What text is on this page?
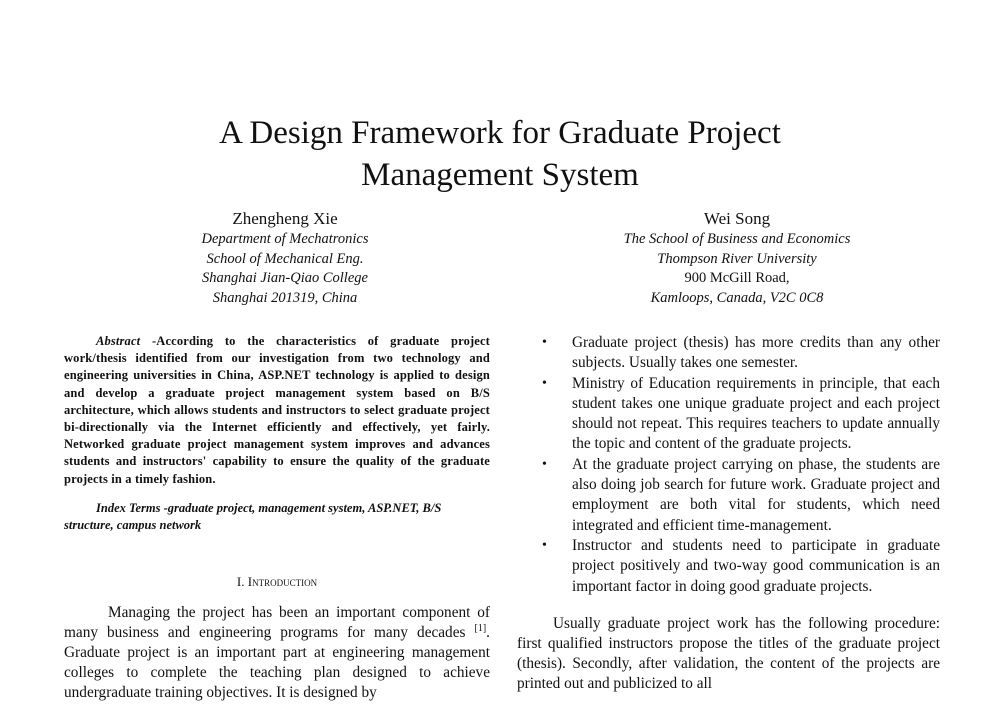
A Design Framework for Graduate Project
Management System
Zhengheng Xie
Department of Mechatronics
School of Mechanical Eng.
Shanghai Jian-Qiao College
Shanghai 201319, China
Wei Song
The School of Business and Economics
Thompson River University
900 McGill Road,
Kamloops, Canada, V2C 0C8

Abstract -According to the characteristics of graduate project work/thesis identified from our investigation from two technology and engineering universities in China, ASP.NET technology is applied to design and develop a graduate project management system based on B/S architecture, which allows students and instructors to select graduate project bi-directionally via the Internet efficiently and effectively, yet fairly. Networked graduate project management system improves and advances students and instructors' capability to ensure the quality of the graduate projects in a timely fashion.

Index Terms -graduate project, management system, ASP.NET, B/S structure, campus network

I. Introduction

Managing the project has been an important component of many business and engineering programs for many decades [1]. Graduate project is an important part at engineering management colleges to complete the teaching plan designed to achieve undergraduate training objectives. It is designed by

• Graduate project (thesis) has more credits than any other subjects. Usually takes one semester.
• Ministry of Education requirements in principle, that each student takes one unique graduate project and each project should not repeat. This requires teachers to update annually the topic and content of the graduate projects.
• At the graduate project carrying on phase, the students are also doing job search for future work. Graduate project and employment are both vital for students, which need integrated and efficient time-management.
• Instructor and students need to participate in graduate project positively and two-way good communication is an important factor in doing good graduate projects.

Usually graduate project work has the following procedure: first qualified instructors propose the titles of the graduate project (thesis). Secondly, after validation, the content of the projects are printed out and publicized to all
